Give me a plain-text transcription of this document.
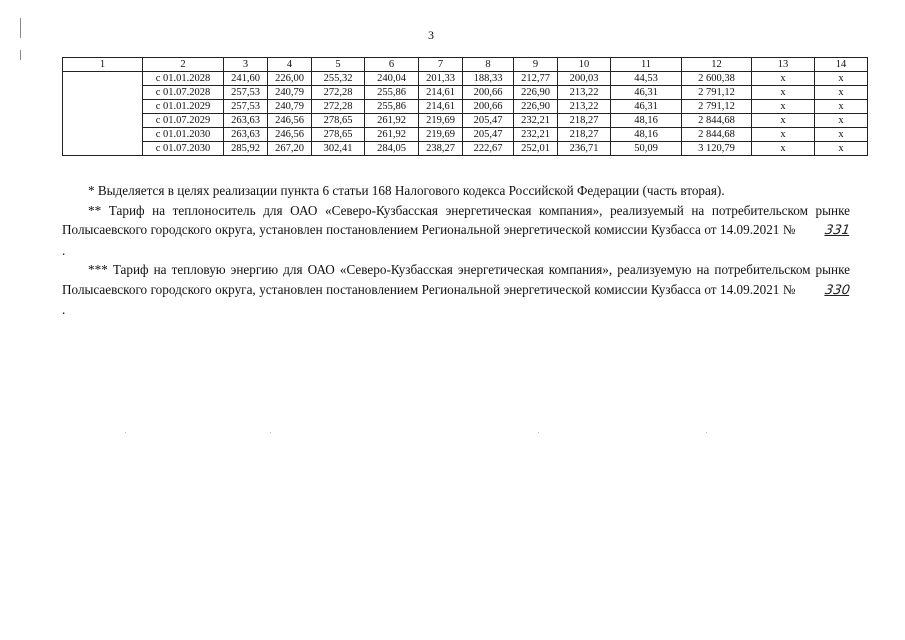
3
1	2	3	4	5	6	7	8	9	10	11	12	13	14
	с 01.01.2028	241,60	226,00	255,32	240,04	201,33	188,33	212,77	200,03	44,53	2 600,38	x	x
	с 01.07.2028	257,53	240,79	272,28	255,86	214,61	200,66	226,90	213,22	46,31	2 791,12	x	x
	с 01.01.2029	257,53	240,79	272,28	255,86	214,61	200,66	226,90	213,22	46,31	2 791,12	x	x
	с 01.07.2029	263,63	246,56	278,65	261,92	219,69	205,47	232,21	218,27	48,16	2 844,68	x	x
	с 01.01.2030	263,63	246,56	278,65	261,92	219,69	205,47	232,21	218,27	48,16	2 844,68	x	x
	с 01.07.2030	285,92	267,20	302,41	284,05	238,27	222,67	252,01	236,71	50,09	3 120,79	x	x

* Выделяется в целях реализации пункта 6 статьи 168 Налогового кодекса Российской Федерации (часть вторая).

** Тариф на теплоноситель для ОАО «Северо-Кузбасская энергетическая компания», реализуемый на потребительском рынке Полысаевского городского округа, установлен постановлением Региональной энергетической комиссии Кузбасса от 14.09.2021 № 331.

*** Тариф на тепловую энергию для ОАО «Северо-Кузбасская энергетическая компания», реализуемую на потребительском рынке Полысаевского городского округа, установлен постановлением Региональной энергетической комиссии Кузбасса от 14.09.2021 № 330.
